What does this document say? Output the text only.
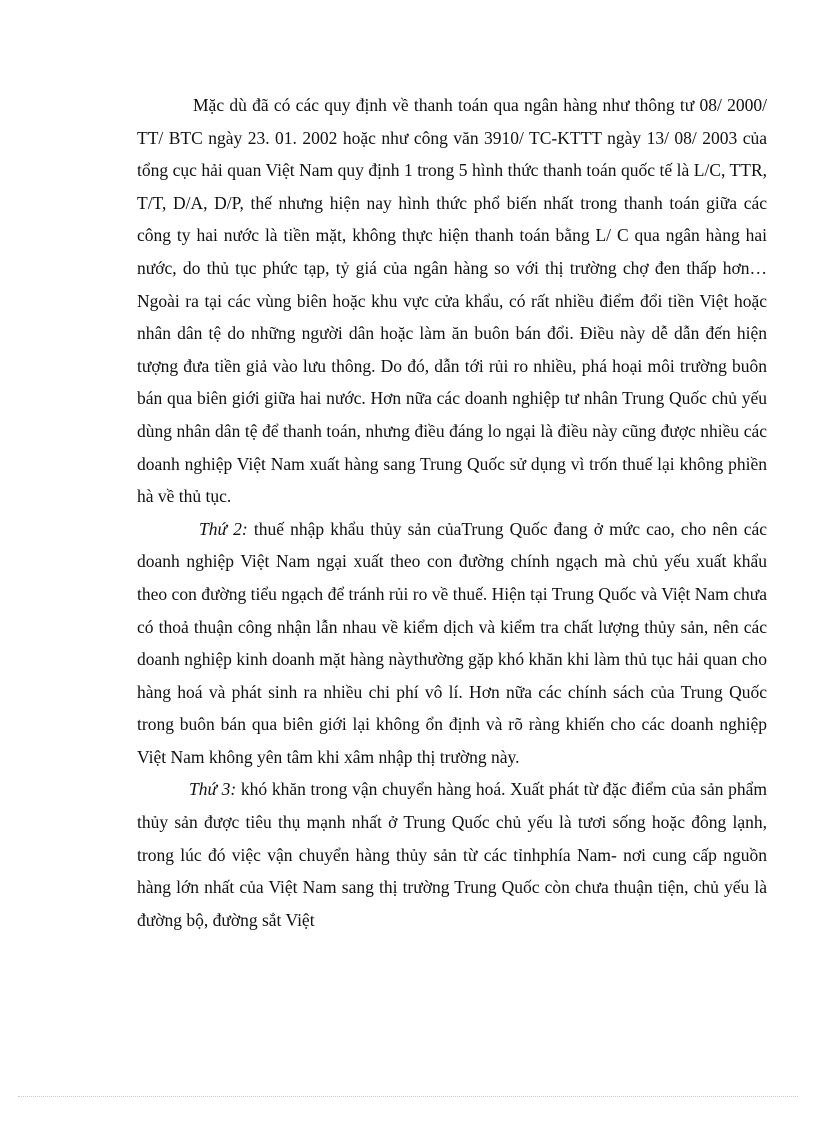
Mặc dù đã có các quy định về thanh toán qua ngân hàng như thông tư 08/ 2000/ TT/ BTC ngày 23. 01. 2002 hoặc như công văn 3910/ TC-KTTT ngày 13/ 08/ 2003 của tổng cục hải quan Việt Nam quy định 1 trong 5 hình thức thanh toán quốc tế là L/C, TTR, T/T, D/A, D/P, thế nhưng hiện nay hình thức phổ biến nhất trong thanh toán giữa các công ty hai nước là tiền mặt, không thực hiện thanh toán bằng L/ C qua ngân hàng hai nước, do thủ tục phức tạp, tỷ giá của ngân hàng so với thị trường chợ đen thấp hơn…Ngoài ra tại các vùng biên hoặc khu vực cửa khẩu, có rất nhiều điểm đổi tiền Việt hoặc nhân dân tệ do những người dân hoặc làm ăn buôn bán đổi. Điều này dễ dẫn đến hiện tượng đưa tiền giả vào lưu thông. Do đó, dẫn tới rủi ro nhiều, phá hoại môi trường buôn bán qua biên giới giữa hai nước. Hơn nữa các doanh nghiệp tư nhân Trung Quốc chủ yếu dùng nhân dân tệ để thanh toán, nhưng điều đáng lo ngại là điều này cũng được nhiều các doanh nghiệp Việt Nam xuất hàng sang Trung Quốc sử dụng vì trốn thuế lại không phiền hà về thủ tục.

Thứ 2: thuế nhập khẩu thủy sản củaTrung Quốc đang ở mức cao, cho nên các doanh nghiệp Việt Nam ngại xuất theo con đường chính ngạch mà chủ yếu xuất khẩu theo con đường tiểu ngạch để tránh rủi ro về thuế. Hiện tại Trung Quốc và Việt Nam chưa có thoả thuận công nhận lẫn nhau về kiểm dịch và kiểm tra chất lượng thủy sản, nên các doanh nghiệp kinh doanh mặt hàng nàythường gặp khó khăn khi làm thủ tục hải quan cho hàng hoá và phát sinh ra nhiều chi phí vô lí. Hơn nữa các chính sách của Trung Quốc trong buôn bán qua biên giới lại không ổn định và rõ ràng khiến cho các doanh nghiệp Việt Nam không yên tâm khi xâm nhập thị trường này.

Thứ 3: khó khăn trong vận chuyển hàng hoá. Xuất phát từ đặc điểm của sản phẩm thủy sản được tiêu thụ mạnh nhất ở Trung Quốc chủ yếu là tươi sống hoặc đông lạnh, trong lúc đó việc vận chuyển hàng thủy sản từ các tỉnhphía Nam- nơi cung cấp nguồn hàng lớn nhất của Việt Nam sang thị trường Trung Quốc còn chưa thuận tiện, chủ yếu là đường bộ, đường sắt Việt
